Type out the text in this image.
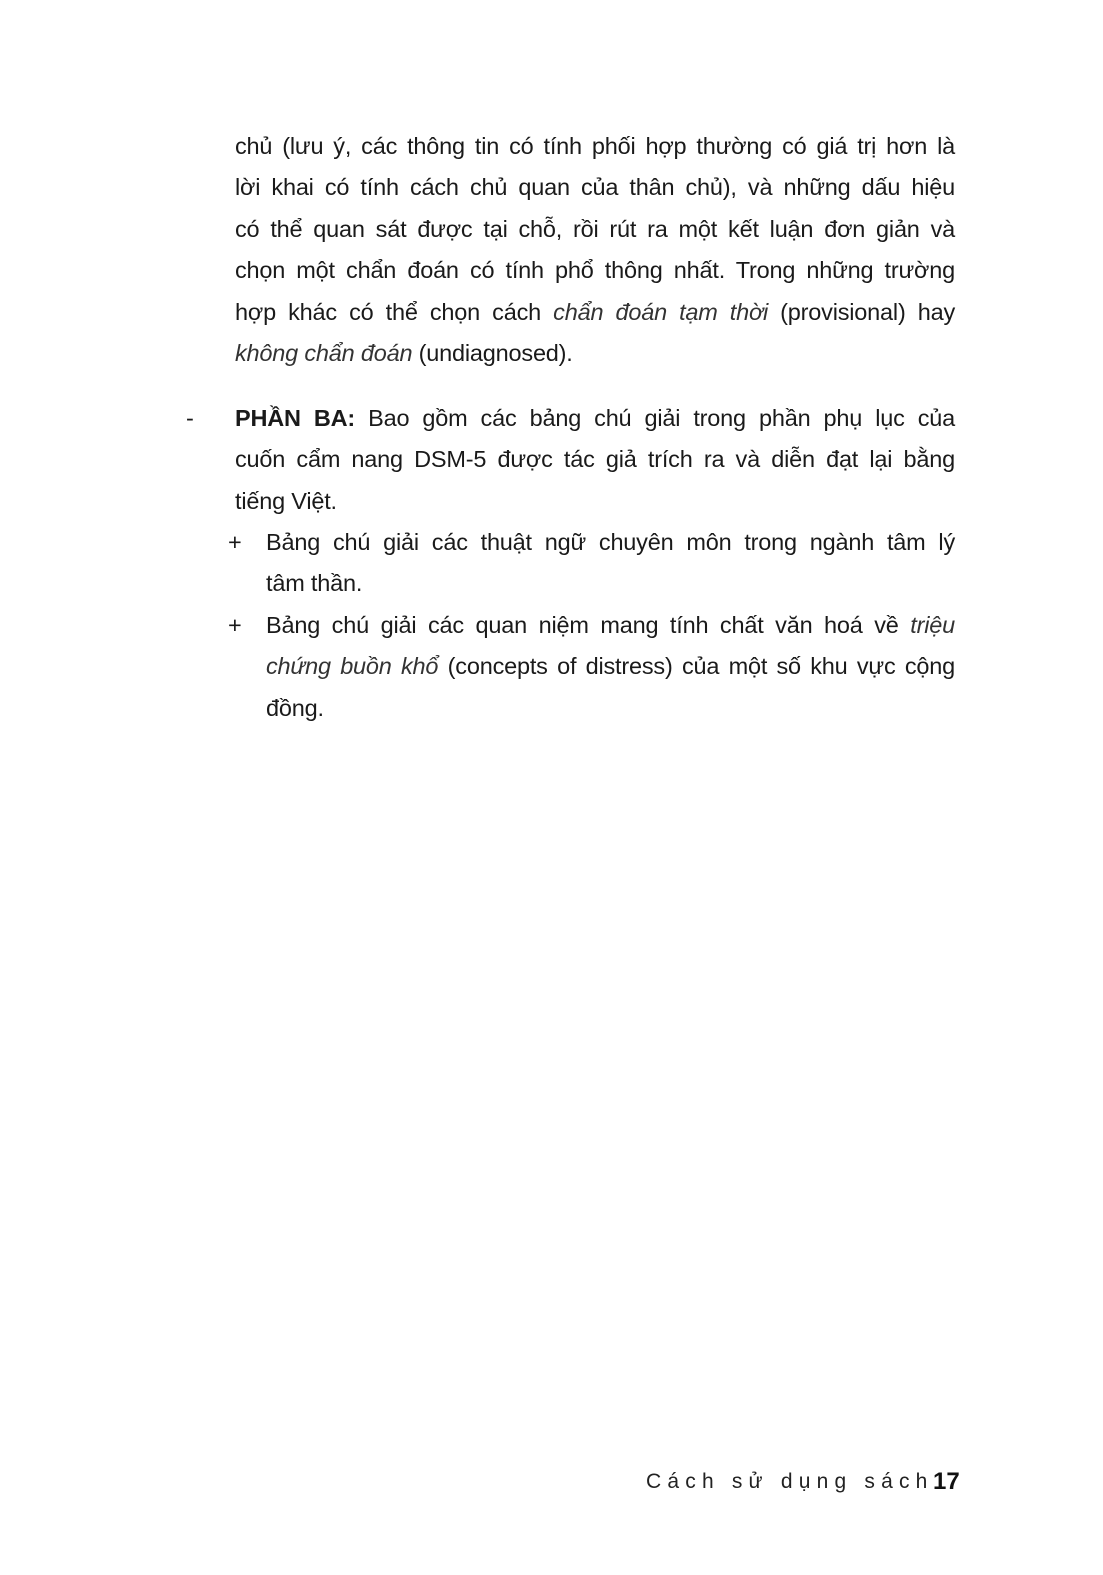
Cách sử dụng sách 17
chủ (lưu ý, các thông tin có tính phối hợp thường có giá trị hơn là
lời khai có tính cách chủ quan của thân chủ), và những dấu hiệu
có thể quan sát được tại chỗ, rồi rút ra một kết luận đơn giản và
chọn một chẩn đoán có tính phổ thông nhất. Trong những trường
hợp khác có thể chọn cách chẩn đoán tạm thời (provisional) hay
không chẩn đoán (undiagnosed).
- PHẦN BA: Bao gồm các bảng chú giải trong phần phụ lục của
cuốn cẩm nang DSM-5 được tác giả trích ra và diễn đạt lại bằng
tiếng Việt.
+ Bảng chú giải các thuật ngữ chuyên môn trong ngành tâm lý
tâm thần.
+ Bảng chú giải các quan niệm mang tính chất văn hoá về triệu
chứng buồn khổ (concepts of distress) của một số khu vực cộng
đồng.
